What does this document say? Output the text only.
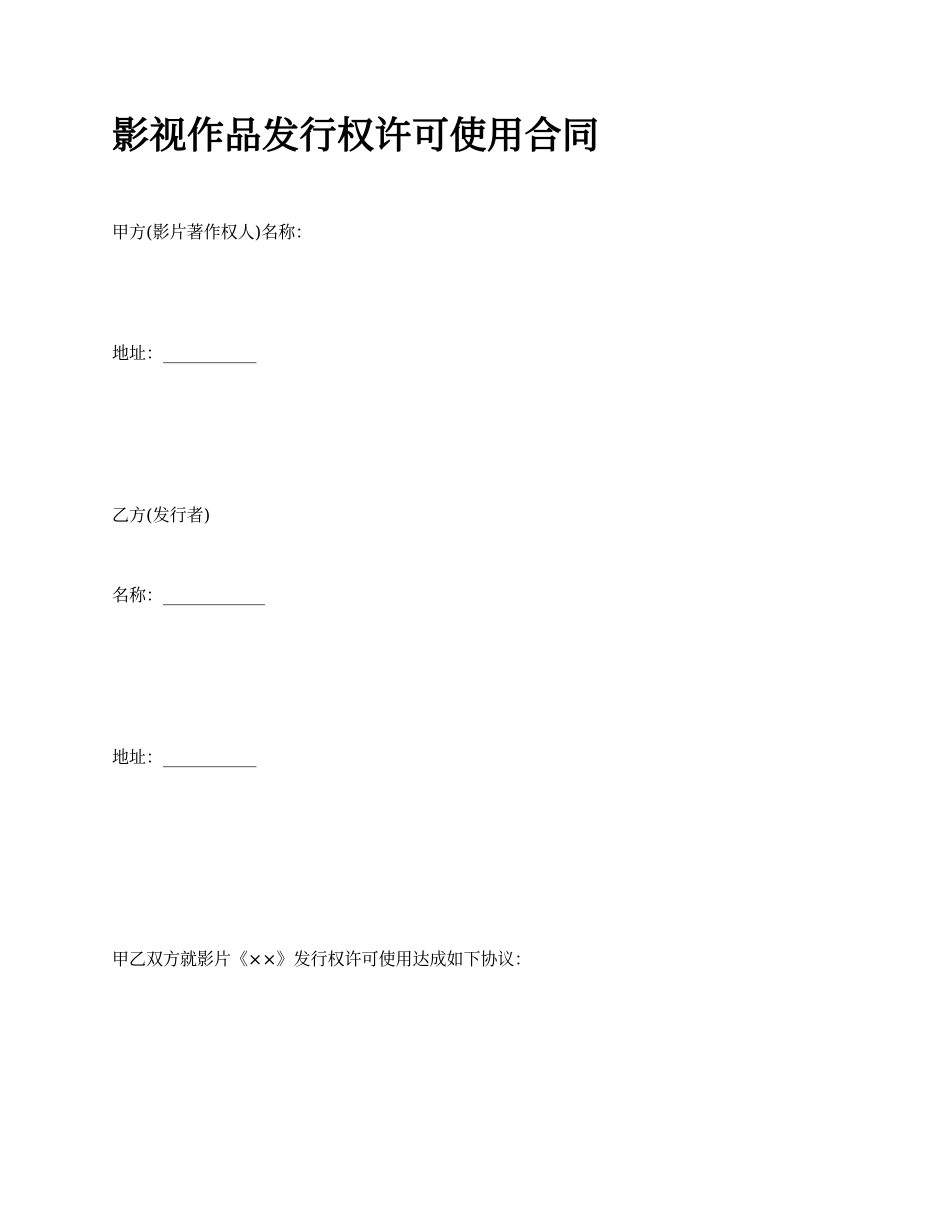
影视作品发行权许可使用合同
甲方(影片著作权人)名称：
地址：___________
乙方(发行者)
名称：____________
地址：___________
甲乙双方就影片《××》发行权许可使用达成如下协议：
